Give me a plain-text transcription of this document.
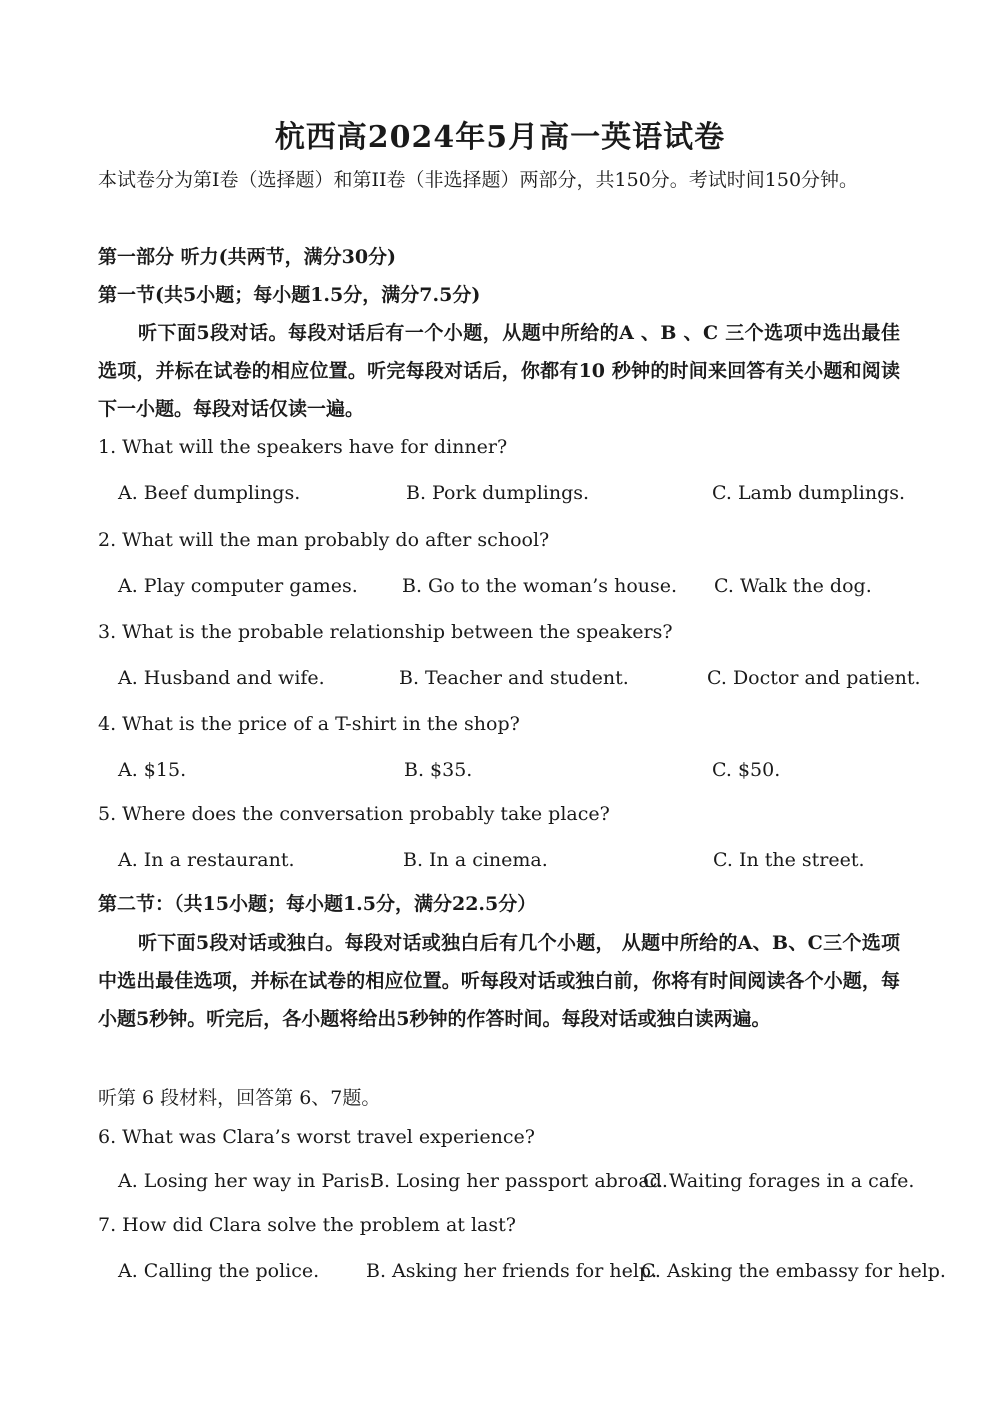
杭西高2024年5月高一英语试卷
本试卷分为第I卷（选择题）和第II卷（非选择题）两部分，共150分。考试时间150分钟。
第一部分 听力(共两节，满分30分)
第一节(共5小题；每小题1.5分，满分7.5分)
听下面5段对话。每段对话后有一个小题，从题中所给的A 、B 、C 三个选项中选出最佳选项，并标在试卷的相应位置。听完每段对话后，你都有10 秒钟的时间来回答有关小题和阅读下一小题。每段对话仅读一遍。
1. What will the speakers have for dinner?
A. Beef dumplings.	B. Pork dumplings.	C. Lamb dumplings.
2. What will the man probably do after school?
A. Play computer games. B. Go to the woman’s house. C. Walk the dog.
3. What is the probable relationship between the speakers?
A. Husband and wife.	B. Teacher and student.	C. Doctor and patient.
4. What is the price of a T-shirt in the shop?
A. $15.	B. $35.	C. $50.
5. Where does the conversation probably take place?
A. In a restaurant.	B. In a cinema.	C. In the street.
第二节：（共15小题；每小题1.5分，满分22.5分）
听下面5段对话或独白。每段对话或独白后有几个小题， 从题中所给的A、B、C三个选项中选出最佳选项，并标在试卷的相应位置。听每段对话或独白前，你将有时间阅读各个小题，每小题5秒钟。听完后，各小题将给出5秒钟的作答时间。每段对话或独白读两遍。
听第 6 段材料，回答第 6、7题。
6. What was Clara’s worst travel experience?
A. Losing her way in Paris.
B. Losing her passport abroad.
C. Waiting forages in a cafe.
7. How did Clara solve the problem at last?
A. Calling the police. B. Asking her friends for help.
C. Asking the embassy for help.
